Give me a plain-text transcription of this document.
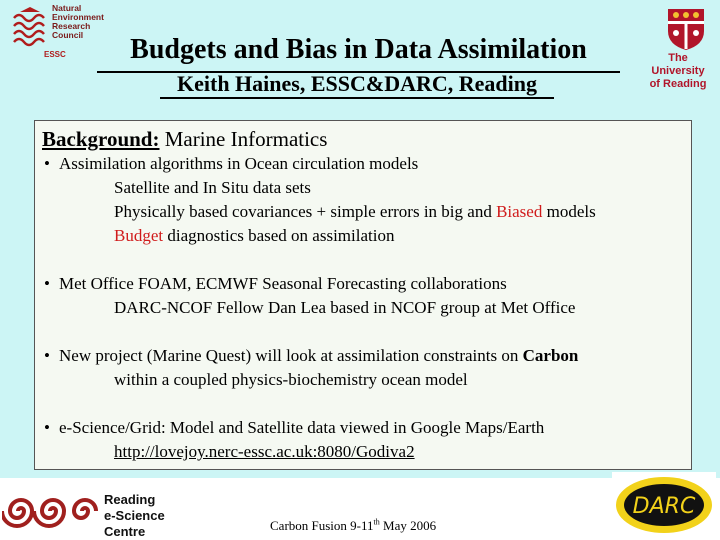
Natural
Environment
Research
Council
ESSC	Budgets and Bias in Data Assimilation
Keith Haines, ESSC&DARC, Reading
The
University
of Reading
Background: Marine Informatics
• Assimilation algorithms in Ocean circulation models
Satellite and In Situ data sets
Physically based covariances + simple errors in big and Biased models
Budget diagnostics based on assimilation
• Met Office FOAM, ECMWF Seasonal Forecasting collaborations
DARC-NCOF Fellow Dan Lea based in NCOF group at Met Office
• New project (Marine Quest) will look at assimilation constraints on Carbon
within a coupled physics-biochemistry ocean model
• e-Science/Grid: Model and Satellite data viewed in Google Maps/Earth
http://lovejoy.nerc-essc.ac.uk:8080/Godiva2
Reading
e-Science
Centre	Carbon Fusion 9-11th May 2006
DARC
